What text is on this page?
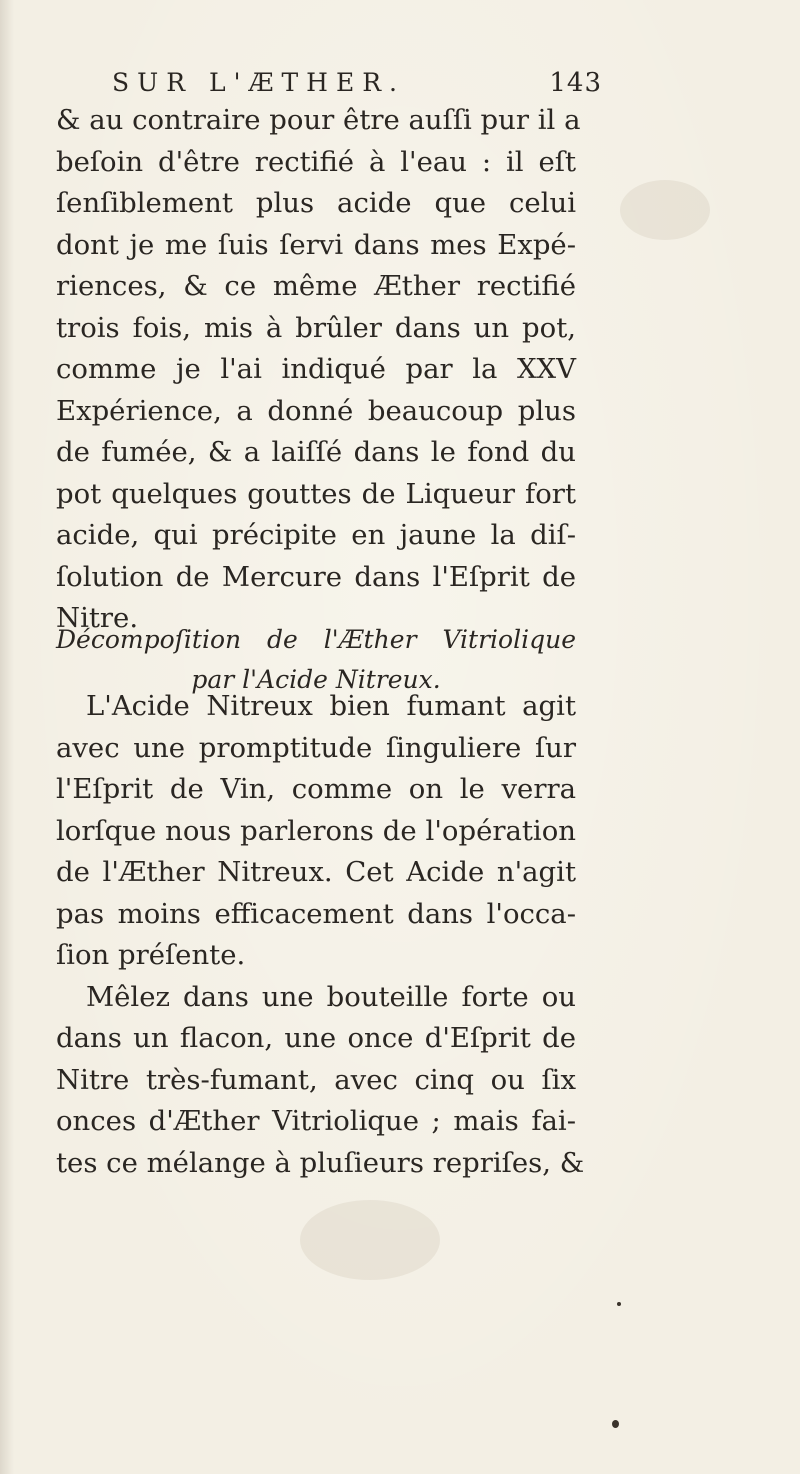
SUR L'ÆTHER.	143
& au contraire pour être auſſi pur il a
beſoin d'être rectifié à l'eau : il eſt
ſenſiblement plus acide que celui
dont je me ſuis ſervi dans mes Expé-
riences, & ce même Æther rectifié
trois fois, mis à brûler dans un pot,
comme je l'ai indiqué par la XXV
Expérience, a donné beaucoup plus
de fumée, & a laiſſé dans le fond du
pot quelques gouttes de Liqueur fort
acide, qui précipite en jaune la diſ-
ſolution de Mercure dans l'Eſprit de
Nitre.
Décompoſition de l'Æther Vitriolique
par l'Acide Nitreux.
L'Acide Nitreux bien fumant agit
avec une promptitude ſinguliere ſur
l'Eſprit de Vin, comme on le verra
lorſque nous parlerons de l'opération
de l'Æther Nitreux. Cet Acide n'agit
pas moins efficacement dans l'occa-
ſion préſente.
Mêlez dans une bouteille forte ou
dans un flacon, une once d'Eſprit de
Nitre très-fumant, avec cinq ou ſix
onces d'Æther Vitriolique ; mais fai-
tes ce mélange à pluſieurs repriſes, &
